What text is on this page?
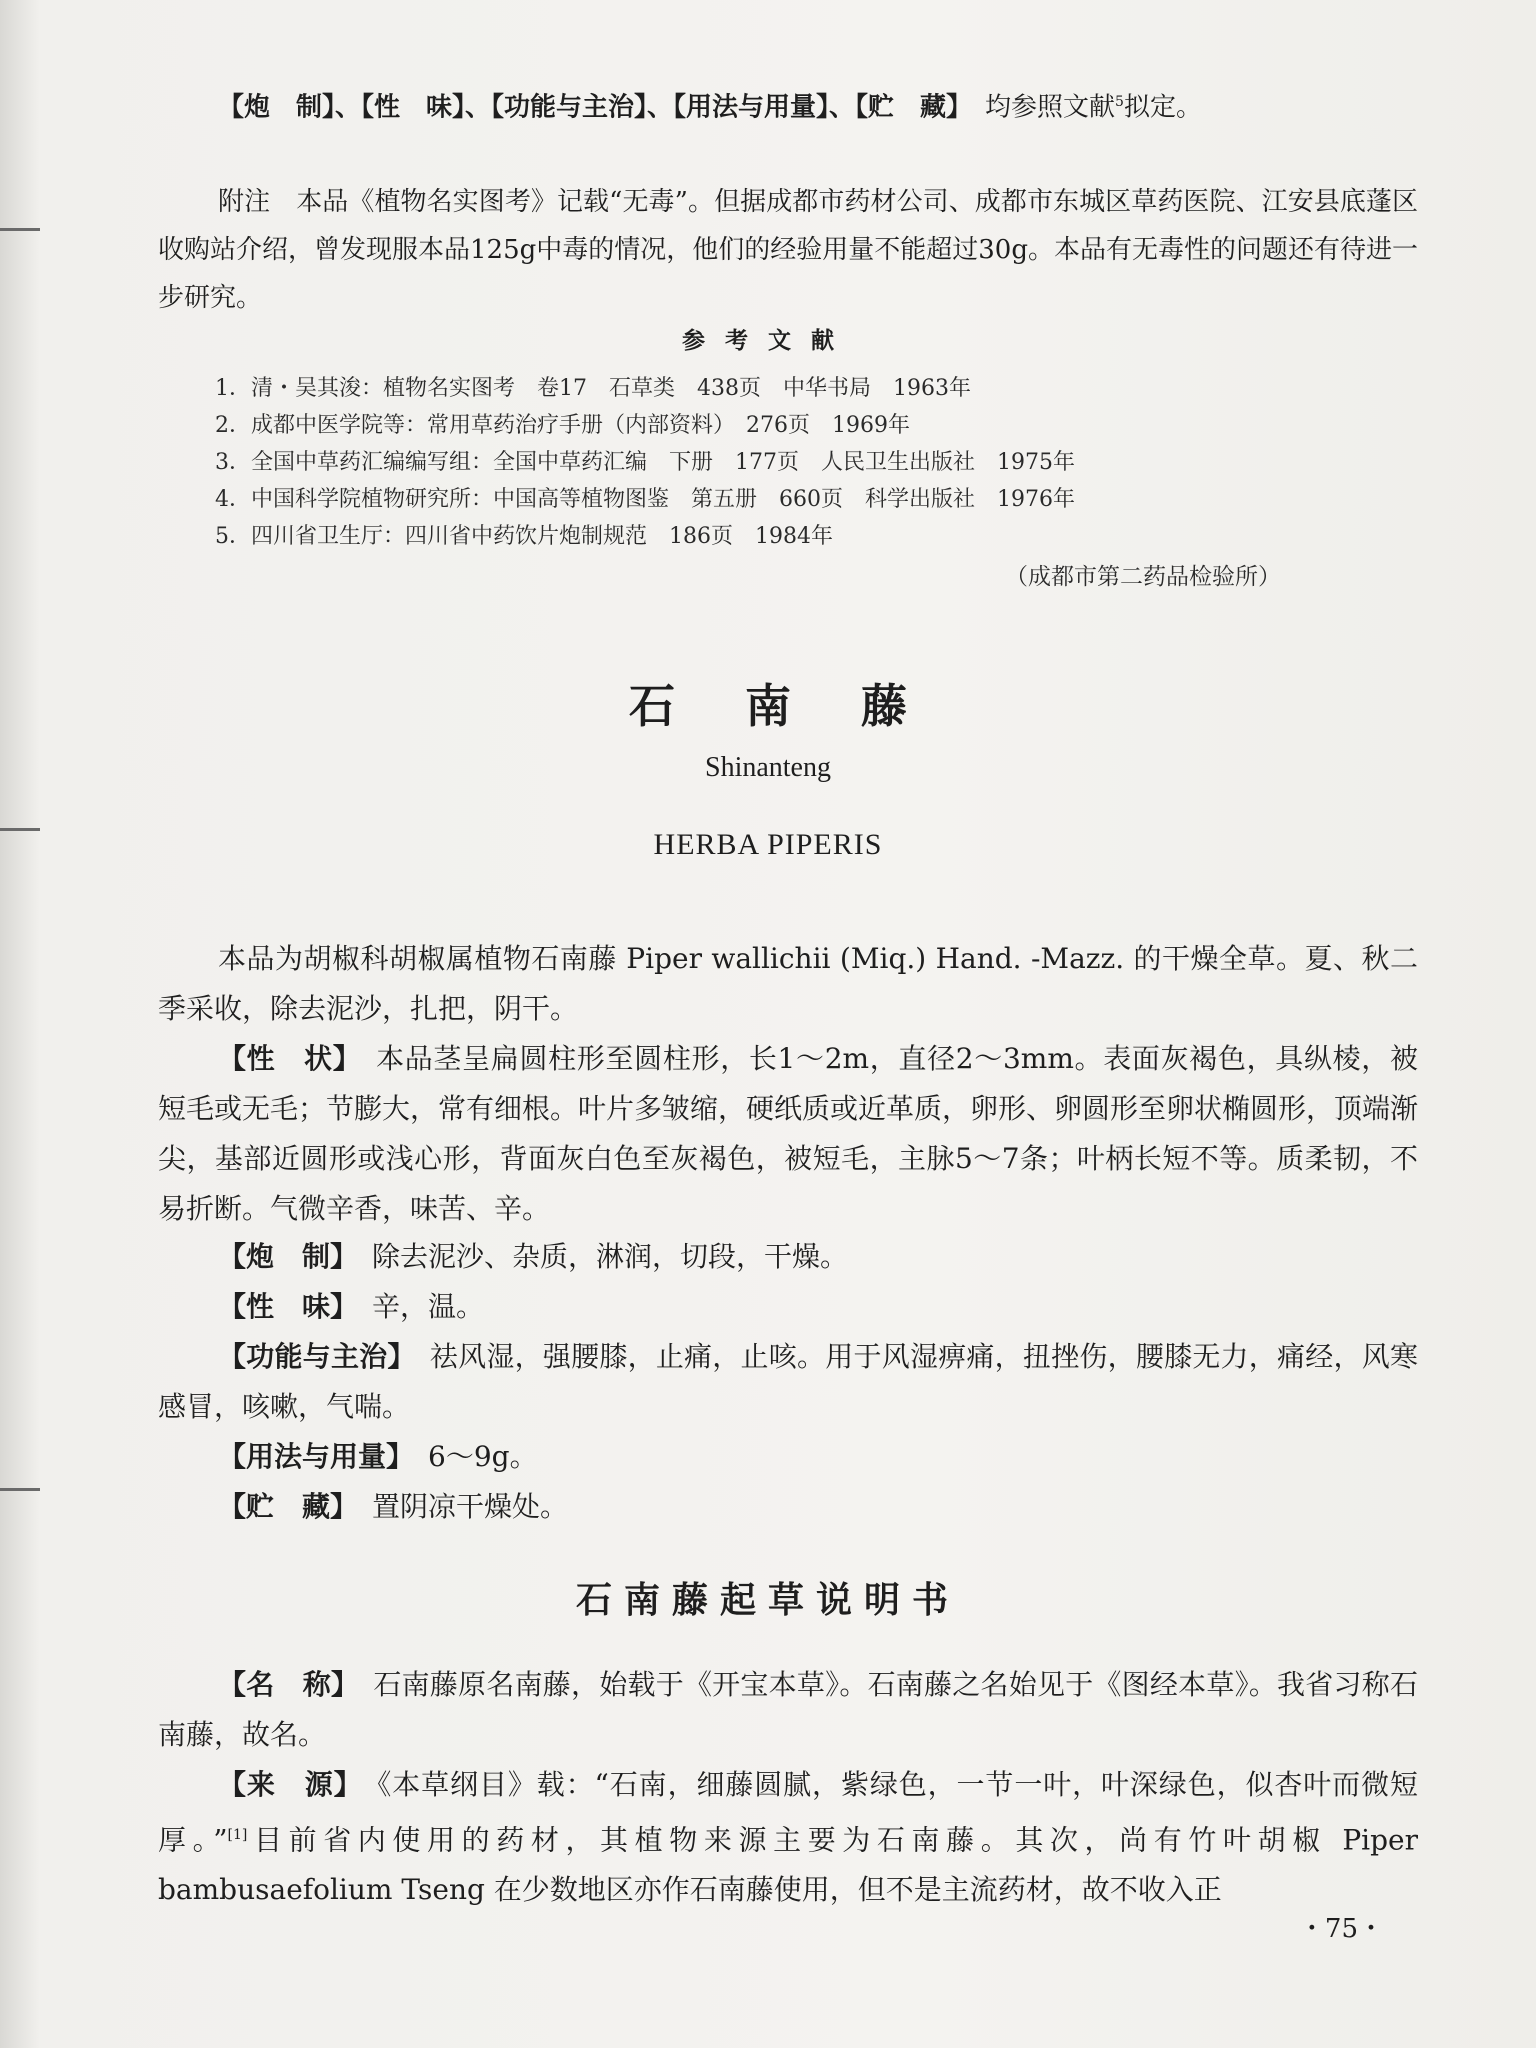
【炮　制】、【性　味】、【功能与主治】、【用法与用量】、【贮　藏】　 均参照文献$^5$拟定。

附注　本品《植物名实图考》记载“无毒”。但据成都市药材公司、成都市东城区草药医院、江安县底蓬区收购站介绍，曾发现服本品125g中毒的情况，他们的经验用量不能超过30g。本品有无毒性的问题还有待进一步研究。

参考文献
1．清・吴其浚：植物名实图考　卷17　石草类　438页　中华书局　1963年
2．成都中医学院等：常用草药治疗手册（内部资料）　276页　1969年
3．全国中草药汇编编写组：全国中草药汇编　下册　177页　人民卫生出版社　1975年
4．中国科学院植物研究所：中国高等植物图鉴　第五册　660页　科学出版社　1976年
5．四川省卫生厅：四川省中药饮片炮制规范　186页　1984年

（成都市第二药品检验所）

石南藤

Shinanteng

HERBA PIPERIS

本品为胡椒科胡椒属植物石南藤 Piper wallichii (Miq.) Hand. -Mazz. 的干燥全草。夏、秋二季采收，除去泥沙，扎把，阴干。

【性　状】　 本品茎呈扁圆柱形至圆柱形，长1～2m，直径2～3mm。表面灰褐色，具纵棱，被短毛或无毛；节膨大，常有细根。叶片多皱缩，硬纸质或近革质，卵形、卵圆形至卵状椭圆形，顶端渐尖，基部近圆形或浅心形，背面灰白色至灰褐色，被短毛，主脉5～7条；叶柄长短不等。质柔韧，不易折断。气微辛香，味苦、辛。

【炮　制】　 除去泥沙、杂质，淋润，切段，干燥。

【性　味】　 辛，温。

【功能与主治】　 祛风湿，强腰膝，止痛，止咳。用于风湿痹痛，扭挫伤，腰膝无力，痛经，风寒感冒，咳嗽，气喘。

【用法与用量】　 6～9g。

【贮　藏】　 置阴凉干燥处。

石南藤起草说明书

【名　称】　 石南藤原名南藤，始载于《开宝本草》。石南藤之名始见于《图经本草》。我省习称石南藤，故名。

【来　源】　 《本草纲目》载：“石南，细藤圆腻，紫绿色，一节一叶，叶深绿色，似杏叶而微短厚。”[1]目前省内使用的药材，其植物来源主要为石南藤。其次，尚有竹叶胡椒 Piper bambusaefolium Tseng 在少数地区亦作石南藤使用，但不是主流药材，故不收入正

・75・
